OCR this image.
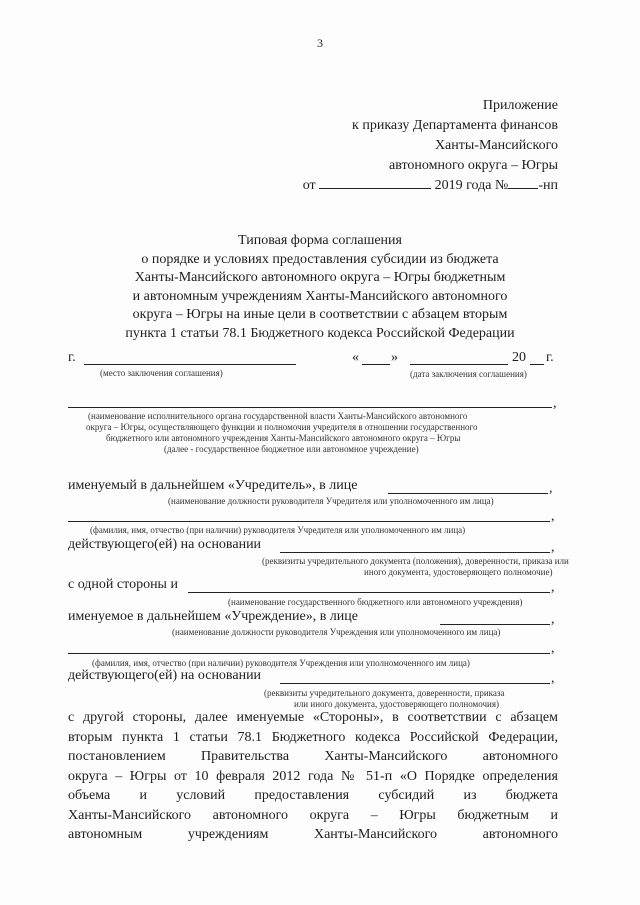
3
Приложение
к приказу Департамента финансов
Ханты-Мансийского
автономного округа – Югры
от	2019 года № -нп
Типовая форма соглашения
о порядке и условиях предоставления субсидии из бюджета
Ханты-Мансийского автономного округа – Югры бюджетным
и автономным учреждениям Ханты-Мансийского автономного
округа – Югры на иные цели в соответствии с абзацем вторым
пункта 1 статьи 78.1 Бюджетного кодекса Российской Федерации
г.
(место заключения соглашения)
« »	20 г.
(дата заключения соглашения)
,
(наименование исполнительного органа государственной власти Ханты-Мансийского автономного
округа – Югры, осуществляющего функции и полномочия учредителя в отношении государственного
бюджетного или автономного учреждения Ханты-Мансийского автономного округа – Югры
(далее - государственное бюджетное или автономное учреждение)
именуемый в дальнейшем «Учредитель», в лице	,
(наименование должности руководителя Учредителя или уполномоченного им лица)
,
(фамилия, имя, отчество (при наличии) руководителя Учредителя или уполномоченного им лица)
действующего(ей) на основании	,
(реквизиты учредительного документа (положения), доверенности, приказа или
иного документа, удостоверяющего полномочие)
с одной стороны и	,
(наименование государственного бюджетного или автономного учреждения)
именуемое в дальнейшем «Учреждение», в лице	,
(наименование должности руководителя Учреждения или уполномоченного им лица)
,
(фамилия, имя, отчество (при наличии) руководителя Учреждения или уполномоченного им лица)
действующего(ей) на основании	,
(реквизиты учредительного документа, доверенности, приказа
или иного документа, удостоверяющего полномочия)
с другой стороны, далее именуемые «Стороны», в соответствии с абзацем
вторым пункта 1 статьи 78.1 Бюджетного кодекса Российской Федерации,
постановлением Правительства Ханты-Мансийского автономного
округа – Югры от 10 февраля 2012 года № 51-п «О Порядке определения
объема и условий предоставления субсидий из бюджета
Ханты-Мансийского автономного округа – Югры бюджетным и
автономным учреждениям Ханты-Мансийского автономного
